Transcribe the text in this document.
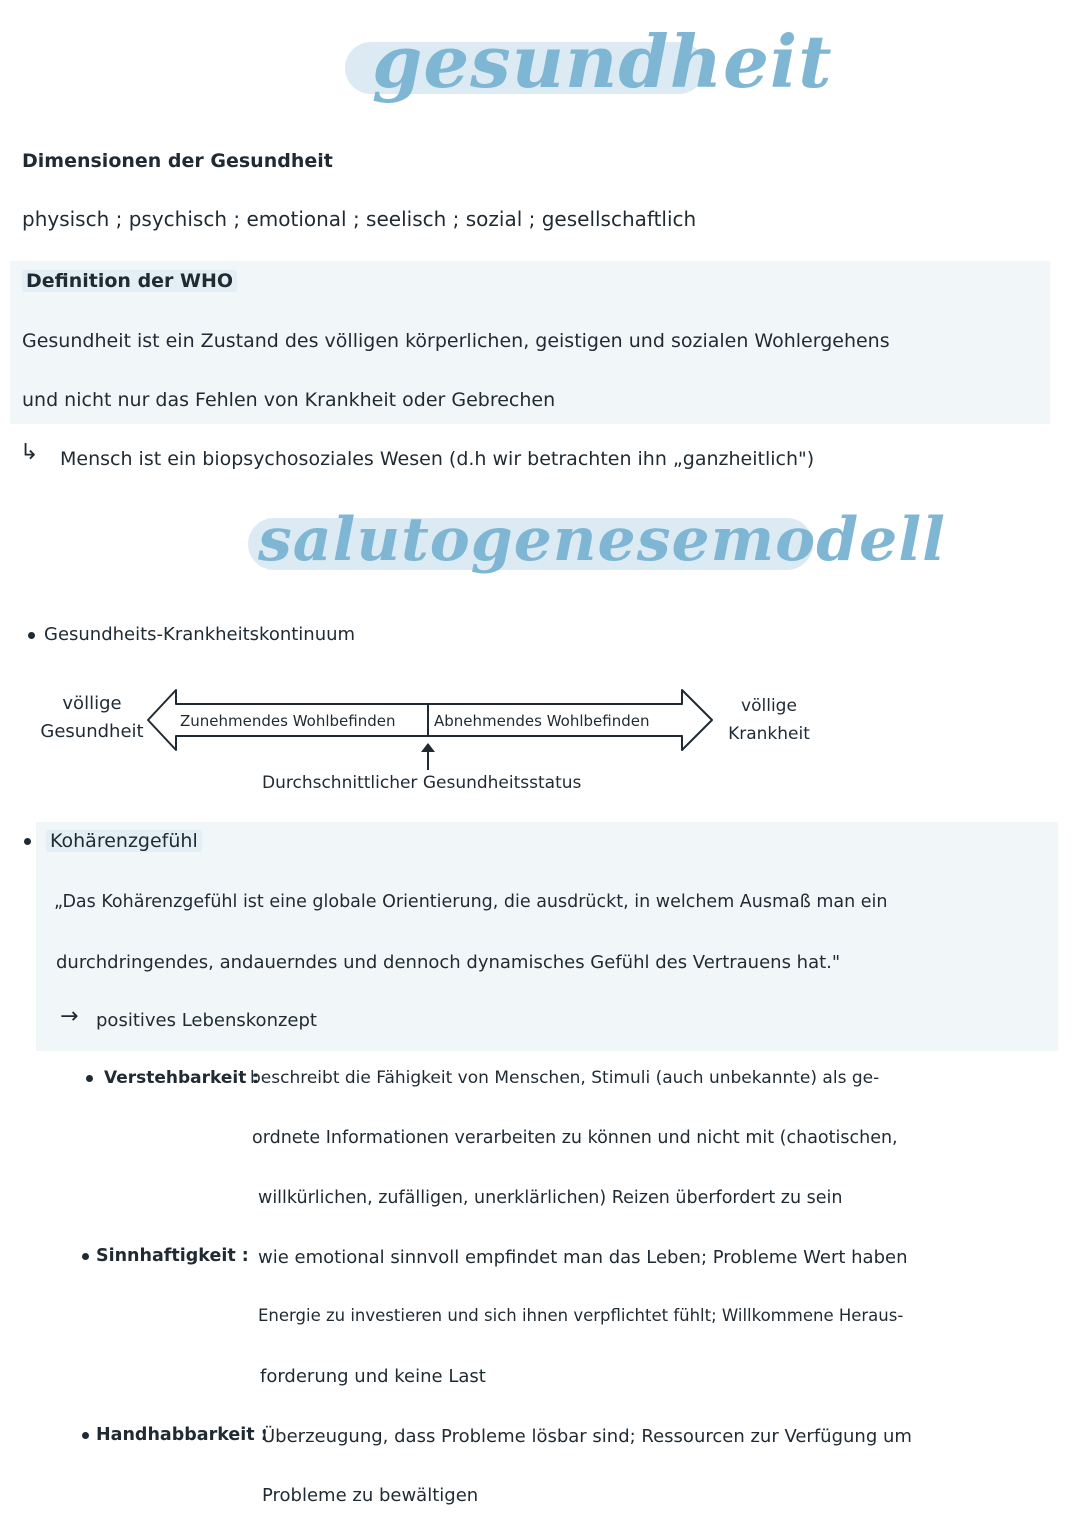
gesundheit
Dimensionen der Gesundheit
physisch ; psychisch ; emotional ; seelisch ; sozial ; gesellschaftlich
Definition der WHO
Gesundheit ist ein Zustand des völligen körperlichen, geistigen und sozialen Wohlergehens
und nicht nur das Fehlen von Krankheit oder Gebrechen
↳ Mensch ist ein biopsychosoziales Wesen (d.h wir betrachten ihn „ganzheitlich")
salutogenesemodell
Gesundheits-Krankheitskontinuum
völlige
Gesundheit
völlige
Krankheit
Zunehmendes Wohlbefinden	Abnehmendes Wohlbefinden
Durchschnittlicher Gesundheitsstatus
Kohärenzgefühl
„Das Kohärenzgefühl ist eine globale Orientierung, die ausdrückt, in welchem Ausmaß man ein
durchdringendes, andauerndes und dennoch dynamisches Gefühl des Vertrauens hat."
→ positives Lebenskonzept
Verstehbarkeit :
beschreibt die Fähigkeit von Menschen, Stimuli (auch unbekannte) als ge-
ordnete Informationen verarbeiten zu können und nicht mit (chaotischen,
willkürlichen, zufälligen, unerklärlichen) Reizen überfordert zu sein
Sinnhaftigkeit : wie emotional sinnvoll empfindet man das Leben; Probleme Wert haben
Energie zu investieren und sich ihnen verpflichtet fühlt; Willkommene Heraus-
forderung und keine Last
Handhabbarkeit :
Überzeugung, dass Probleme lösbar sind; Ressourcen zur Verfügung um
Probleme zu bewältigen
